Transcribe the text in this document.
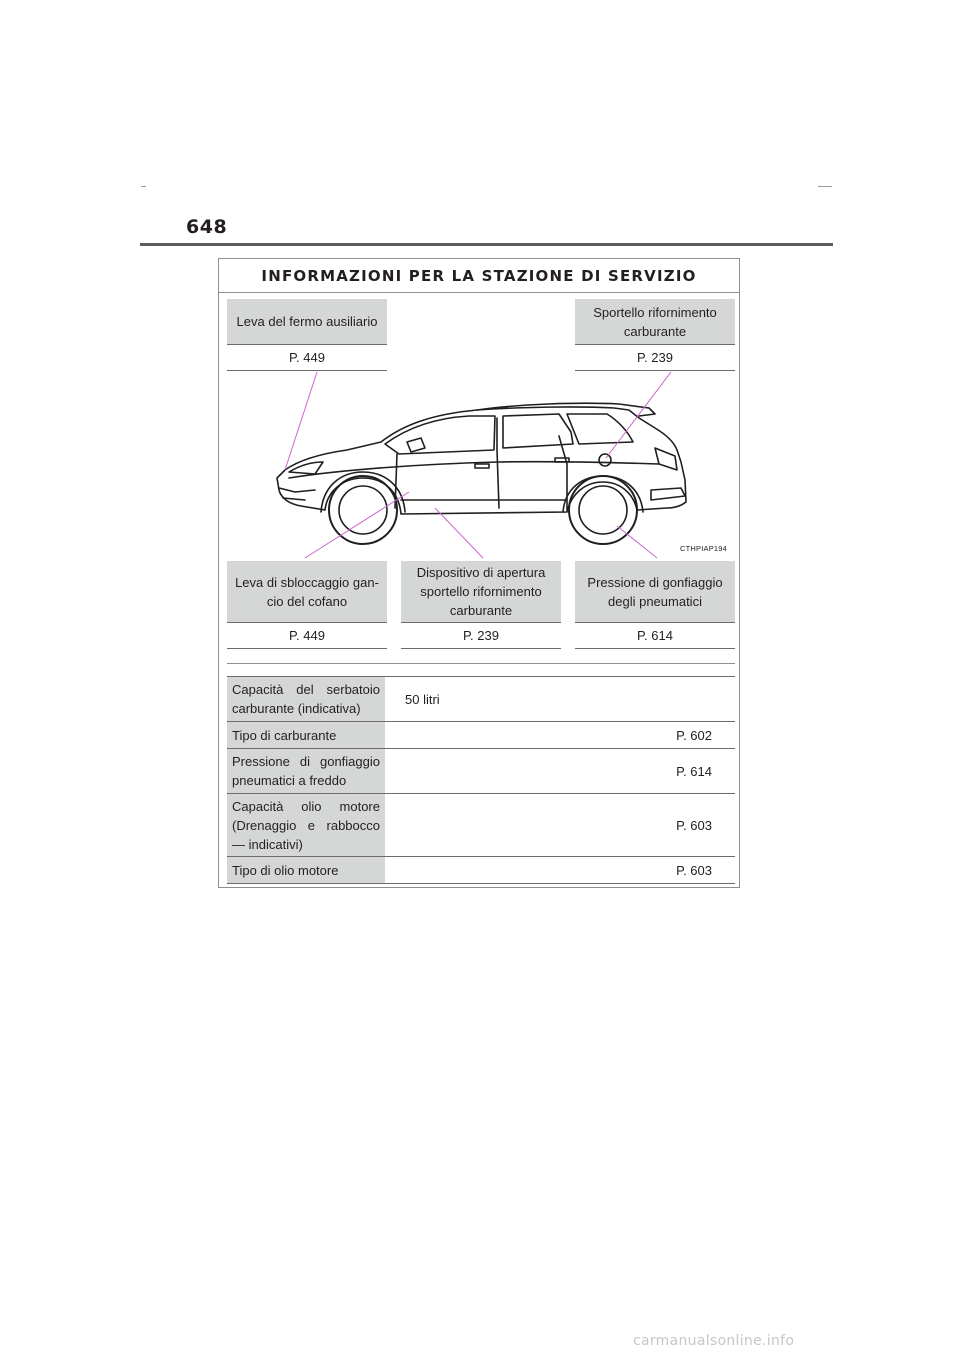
648
INFORMAZIONI PER LA STAZIONE DI SERVIZIO
Leva del fermo ausiliario
P. 449
Sportello rifornimento carburante
P. 239
CTHPIAP194
Leva di sbloccaggio gan-cio del cofano
P. 449
Dispositivo di apertura sportello rifornimento carburante
P. 239
Pressione di gonfiaggio degli pneumatici
P. 614
Capacità del serbatoio carburante (indicativa)
50 litri
Tipo di carburante	P. 602
Pressione di gonfiaggio pneumatici a freddo
P. 614
Capacità olio motore (Drenaggio e rabbocco — indicativi)
P. 603
Tipo di olio motore	P. 603
carmanualsonline.info
